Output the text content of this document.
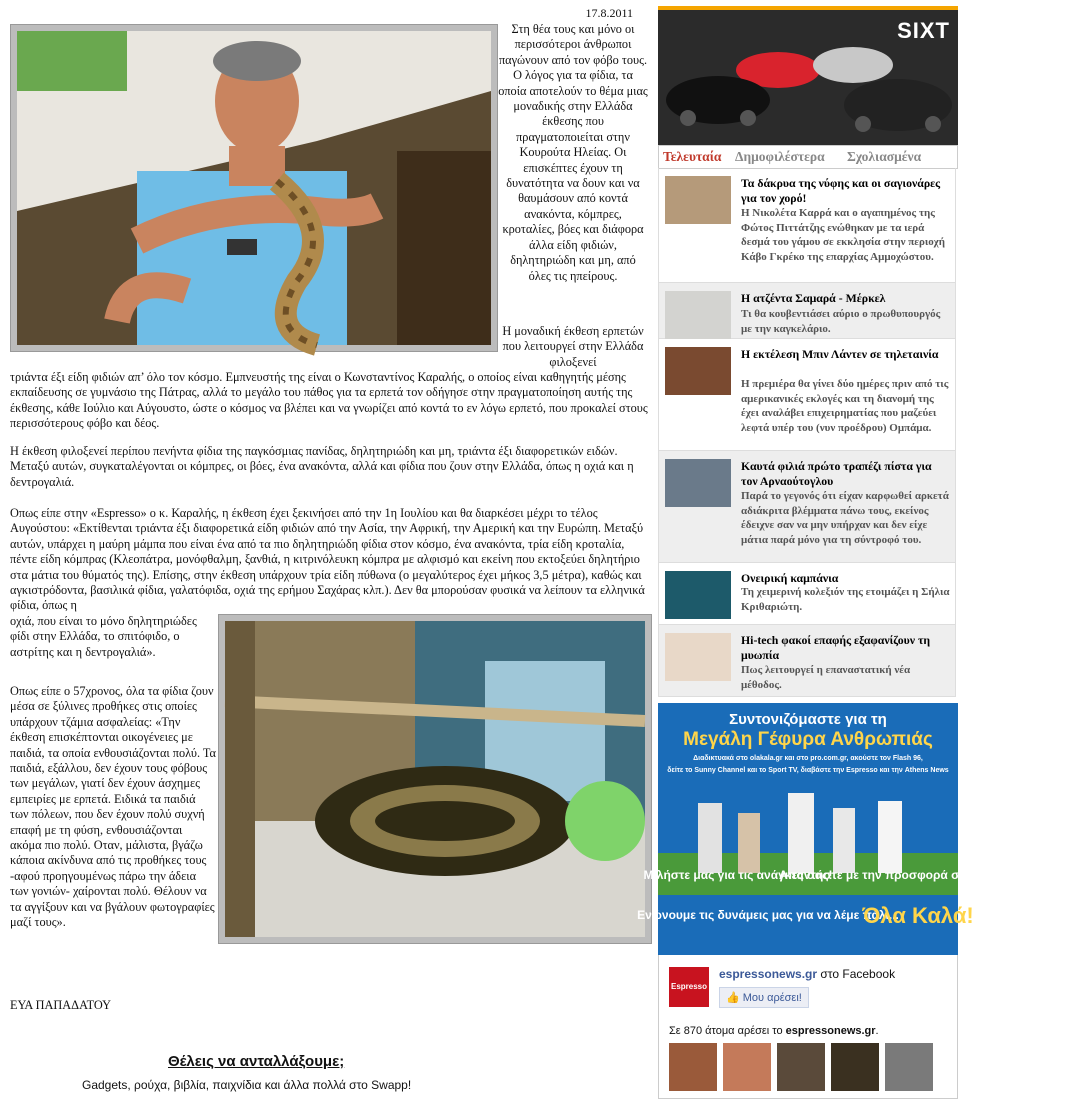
17.8.2011

Στη θέα τους και μόνο οι περισσότεροι άνθρωποι παγώνουν από τον φόβο τους. Ο λόγος για τα φίδια, τα οποία αποτελούν το θέμα μιας μοναδικής στην Ελλάδα έκθεσης που πραγματοποιείται στην Κουρούτα Ηλείας. Οι επισκέπτες έχουν τη δυνατότητα να δουν και να θαυμάσουν από κοντά ανακόντα, κόμπρες, κροταλίες, βόες και διάφορα άλλα είδη φιδιών, δηλητηριώδη και μη, από όλες τις ηπείρους.

Η μοναδική έκθεση ερπετών που λειτουργεί στην Ελλάδα φιλοξενεί

τριάντα έξι είδη φιδιών απ’ όλο τον κόσμο. Εμπνευστής της είναι ο Κωνσταντίνος Καραλής, ο οποίος είναι καθηγητής μέσης εκπαίδευσης σε γυμνάσιο της Πάτρας, αλλά το μεγάλο του πάθος για τα ερπετά τον οδήγησε στην πραγματοποίηση αυτής της έκθεσης, κάθε Ιούλιο και Αύγουστο, ώστε ο κόσμος να βλέπει και να γνωρίζει από κοντά το εν λόγω ερπετό, που προκαλεί στους περισσότερους φόβο και δέος.

Η έκθεση φιλοξενεί περίπου πενήντα φίδια της παγκόσμιας πανίδας, δηλητηριώδη και μη, τριάντα έξι διαφορετικών ειδών. Μεταξύ αυτών, συγκαταλέγονται οι κόμπρες, οι βόες, ένα ανακόντα, αλλά και φίδια που ζουν στην Ελλάδα, όπως η οχιά και η δεντρογαλιά.

Οπως είπε στην «Espresso» ο κ. Καραλής, η έκθεση έχει ξεκινήσει από την 1η Ιουλίου και θα διαρκέσει μέχρι το τέλος Αυγούστου: «Εκτίθενται τριάντα έξι διαφορετικά είδη φιδιών από την Ασία, την Αφρική, την Αμερική και την Ευρώπη. Μεταξύ αυτών, υπάρχει η μαύρη μάμπα που είναι ένα από τα πιο δηλητηριώδη φίδια στον κόσμο, ένα ανακόντα, τρία είδη κροταλία, πέντε είδη κόμπρας (Κλεοπάτρα, μονόφθαλμη, ξανθιά, η κιτρινόλευκη κόμπρα με αλφισμό και εκείνη που εκτοξεύει δηλητήριο στα μάτια του θύματός της). Επίσης, στην έκθεση υπάρχουν τρία είδη πύθωνα (ο μεγαλύτερος έχει μήκος 3,5 μέτρα), καθώς και αγκιστρόδοντα, βασιλικά φίδια, γαλατόφιδα, οχιά της ερήμου Σαχάρας κλπ.). Δεν θα μπορούσαν φυσικά να λείπουν τα ελληνικά φίδια, όπως η

οχιά, που είναι το μόνο δηλητηριώδες φίδι στην Ελλάδα, το σπιτόφιδο, ο αστρίτης και η δεντρογαλιά».

Οπως είπε ο 57χρονος, όλα τα φίδια ζουν μέσα σε ξύλινες προθήκες στις οποίες υπάρχουν τζάμια ασφαλείας: «Την έκθεση επισκέπτονται οικογένειες με παιδιά, τα οποία ενθουσιάζονται πολύ. Τα παιδιά, εξάλλου, δεν έχουν τους φόβους των μεγάλων, γιατί δεν έχουν άσχημες εμπειρίες με ερπετά. Ειδικά τα παιδιά των πόλεων, που δεν έχουν πολύ συχνή επαφή με τη φύση, ενθουσιάζονται ακόμα πιο πολύ. Οταν, μάλιστα, βγάζω κάποια ακίνδυνα από τις προθήκες τους -αφού προηγουμένως πάρω την άδεια των γονιών- χαίρονται πολύ. Θέλουν να τα αγγίξουν και να βγάλουν φωτογραφίες μαζί τους».

ΕΥΑ ΠΑΠΑΔΑΤΟΥ

Θέλεις να ανταλλάξουμε;
Gadgets, ρούχα, βιβλία, παιχνίδια και άλλα πολλά στο Swapp!
SIXT
Τελευταία Δημοφιλέστερα Σχολιασμένα
Τα δάκρυα της νύφης και οι σαγιονάρες για τον χορό!
Η Νικολέτα Καρρά και ο αγαπημένος της Φώτος Πιττάτζης ενώθηκαν με τα ιερά δεσμά του γάμου σε εκκλησία στην περιοχή Κάβο Γκρέκο της επαρχίας Αμμοχώστου.
Η ατζέντα Σαμαρά - Μέρκελ
Τι θα κουβεντιάσει αύριο ο πρωθυπουργός με την καγκελάριο.
Η εκτέλεση Μπιν Λάντεν σε τηλεταινία
Η πρεμιέρα θα γίνει δύο ημέρες πριν από τις αμερικανικές εκλογές και τη διανομή της έχει αναλάβει επιχειρηματίας που μαζεύει λεφτά υπέρ του (νυν προέδρου) Ομπάμα.
Καυτά φιλιά πρώτο τραπέζι πίστα για τον Αρναούτογλου
Παρά το γεγονός ότι είχαν καρφωθεί αρκετά αδιάκριτα βλέμματα πάνω τους, εκείνος έδειχνε σαν να μην υπήρχαν και δεν είχε μάτια παρά μόνο για τη σύντροφό του.
Ονειρική καμπάνια
Τη χειμερινή κολεξιόν της ετοιμάζει η Σήλια Κριθαριώτη.
Hi-tech φακοί επαφής εξαφανίζουν τη μυωπία
Πως λειτουργεί η επαναστατική νέα μέθοδος.
Συντονιζόμαστε για τη
Μεγάλη Γέφυρα Ανθρωπιάς
Διαδικτυακά στο olakala.gr και στο pro.com.gr, ακούστε τον Flash 96,
δείτε το Sunny Channel και το Sport TV, διαβάστε την Espresso και την Athens News
Μιλήστε μας για τις ανάγκες σας!
Απαντήστε με την προσφορά σας!
Ενώνουμε τις δυνάμεις μας για να λέμε πάλι...
Όλα Καλά!
Espresso
espressonews.gr στο Facebook
👍 Μου αρέσει!
Σε 870 άτομα αρέσει το espressonews.gr.
